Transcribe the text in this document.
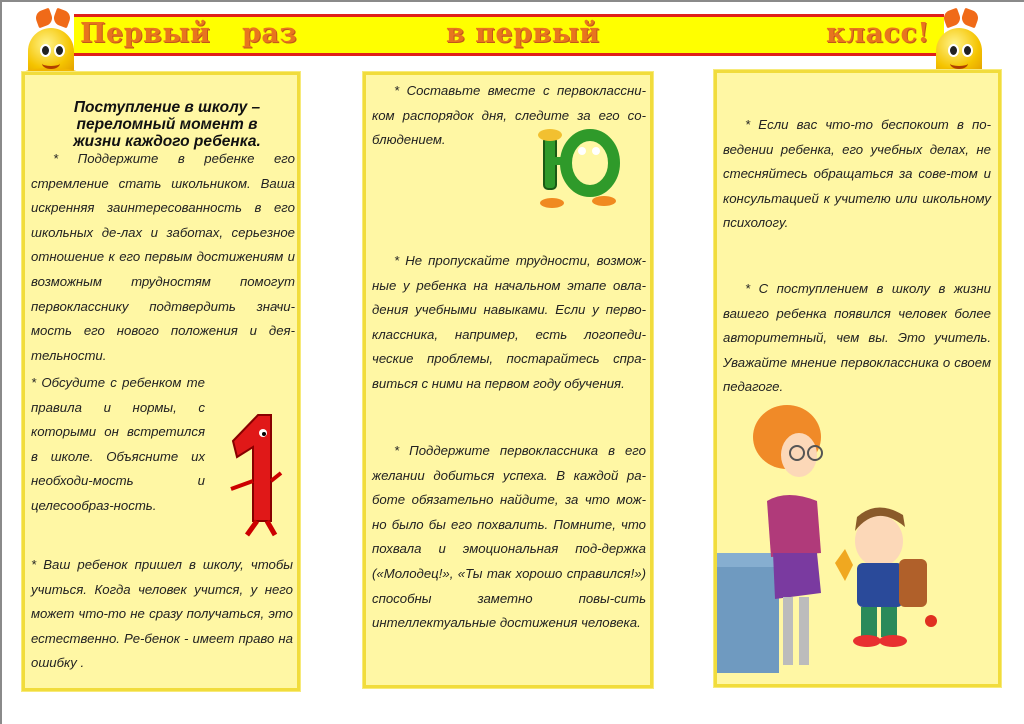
Первый раз	в первый	класс!
Поступление в школу – переломный момент в жизни каждого ребенка.

* Поддержите в ребенке его стремление стать школьником. Ваша искренняя заинтересованность в его школьных де-лах и заботах, серьезное отношение к его первым достижениям и возможным трудностям помогут первокласснику подтвердить значи-мость его нового положения и дея-тельности.

* Обсудите с ребенком те правила и нормы, с которыми он встретился в школе. Объясните их необходи-мость и целесообраз-ность.

* Ваш ребенок пришел в школу, чтобы учиться. Когда человек учится, у него может что-то не сразу получаться, это естественно. Ре-бенок - имеет право на ошибку .

* Составьте вместе с первоклассни-ком распорядок дня, следите за его со-блюдением.

* Не пропускайте трудности, возмож-ные у ребенка на начальном этапе овла-дения учебными навыками. Если у перво-классника, например, есть логопеди-ческие проблемы, постарайтесь спра-виться с ними на первом году обучения.

* Поддержите первоклассника в его желании добиться успеха. В каждой ра-боте обязательно найдите, за что мож-но было бы его похвалить. Помните, что похвала и эмоциональная под-держка («Молодец!», «Ты так хорошо справился!») способны заметно повы-сить интеллектуальные достижения человека.

* Если вас что-то беспокоит в по-ведении ребенка, его учебных делах, не стесняйтесь обращаться за сове-том и консультацией к учителю или школьному психологу.

* С поступлением в школу в жизни вашего ребенка появился человек более авторитетный, чем вы. Это учитель. Уважайте мнение первоклассника о своем педагоге.
